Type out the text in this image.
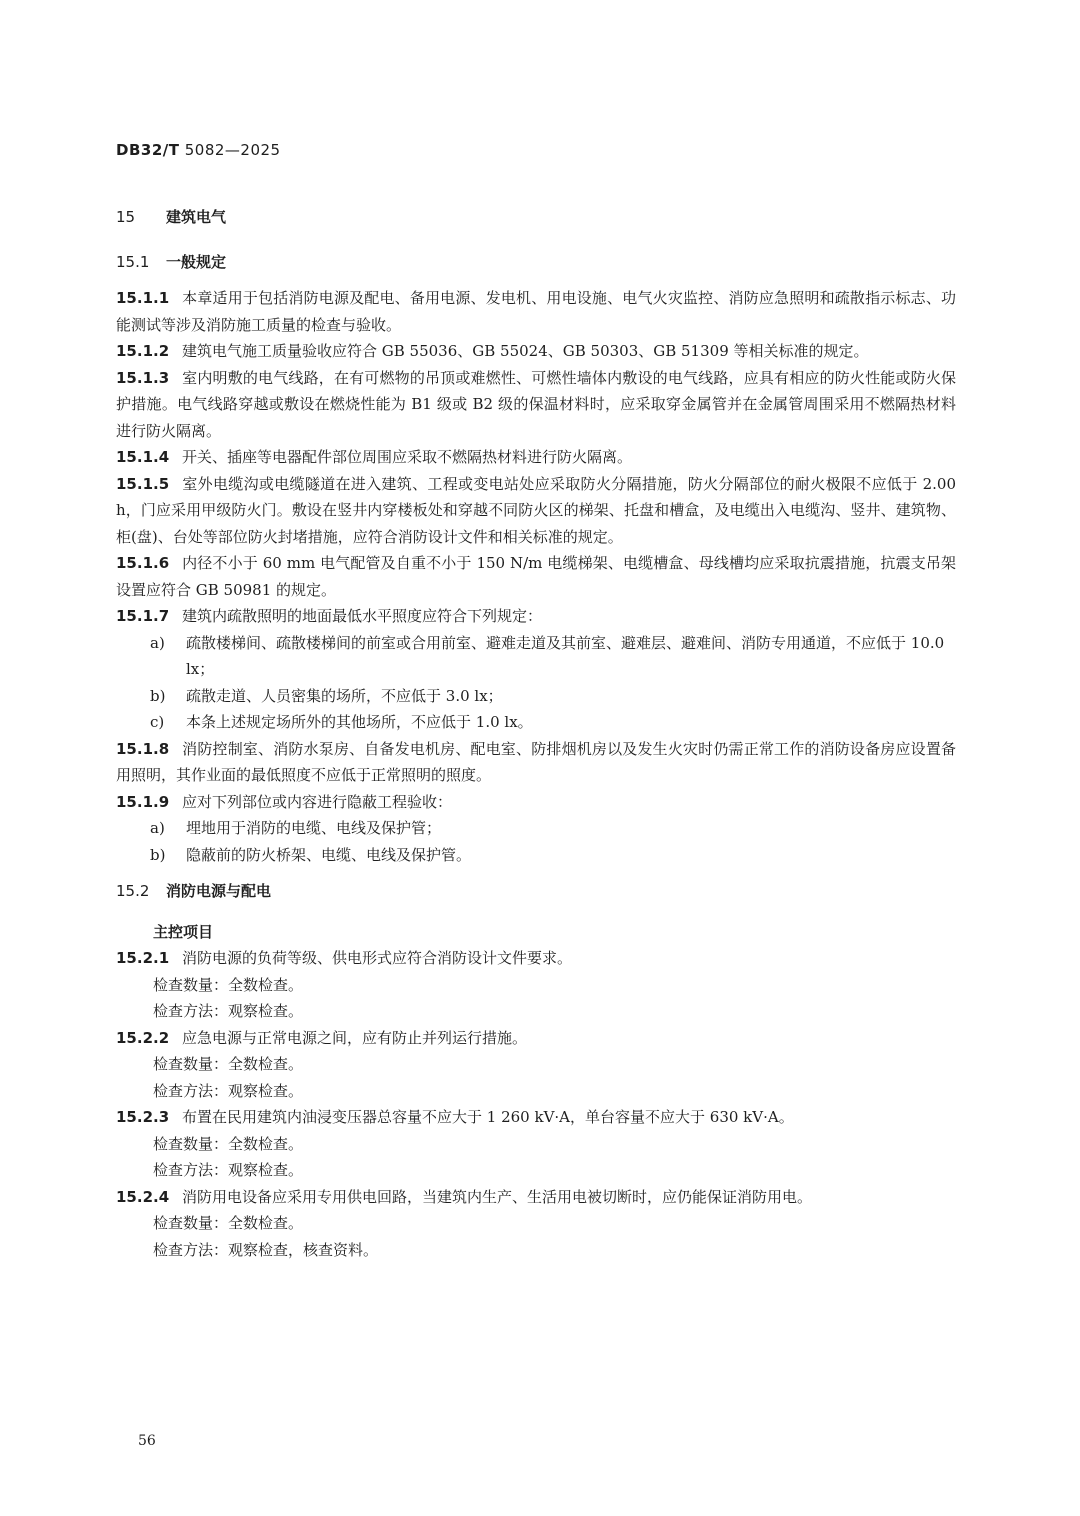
DB32/T 5082—2025
15 建筑电气
15.1 一般规定
15.1.1 本章适用于包括消防电源及配电、备用电源、发电机、用电设施、电气火灾监控、消防应急照明和疏散指示标志、功能测试等涉及消防施工质量的检查与验收。
15.1.2 建筑电气施工质量验收应符合 GB 55036、GB 55024、GB 50303、GB 51309 等相关标准的规定。
15.1.3 室内明敷的电气线路，在有可燃物的吊顶或难燃性、可燃性墙体内敷设的电气线路，应具有相应的防火性能或防火保护措施。电气线路穿越或敷设在燃烧性能为 B1 级或 B2 级的保温材料时，应采取穿金属管并在金属管周围采用不燃隔热材料进行防火隔离。
15.1.4 开关、插座等电器配件部位周围应采取不燃隔热材料进行防火隔离。
15.1.5 室外电缆沟或电缆隧道在进入建筑、工程或变电站处应采取防火分隔措施，防火分隔部位的耐火极限不应低于 2.00 h，门应采用甲级防火门。敷设在竖井内穿楼板处和穿越不同防火区的梯架、托盘和槽盒，及电缆出入电缆沟、竖井、建筑物、柜(盘)、台处等部位防火封堵措施，应符合消防设计文件和相关标准的规定。
15.1.6 内径不小于 60 mm 电气配管及自重不小于 150 N/m 电缆梯架、电缆槽盒、母线槽均应采取抗震措施，抗震支吊架设置应符合 GB 50981 的规定。
15.1.7 建筑内疏散照明的地面最低水平照度应符合下列规定：
a)	疏散楼梯间、疏散楼梯间的前室或合用前室、避难走道及其前室、避难层、避难间、消防专用通道，不应低于 10.0 lx；
b)	疏散走道、人员密集的场所，不应低于 3.0 lx；
c)	本条上述规定场所外的其他场所，不应低于 1.0 lx。
15.1.8 消防控制室、消防水泵房、自备发电机房、配电室、防排烟机房以及发生火灾时仍需正常工作的消防设备房应设置备用照明，其作业面的最低照度不应低于正常照明的照度。
15.1.9 应对下列部位或内容进行隐蔽工程验收：
a)	埋地用于消防的电缆、电线及保护管；
b)	隐蔽前的防火桥架、电缆、电线及保护管。
15.2 消防电源与配电
主控项目
15.2.1 消防电源的负荷等级、供电形式应符合消防设计文件要求。
检查数量：全数检查。
检查方法：观察检查。
15.2.2 应急电源与正常电源之间，应有防止并列运行措施。
检查数量：全数检查。
检查方法：观察检查。
15.2.3 布置在民用建筑内油浸变压器总容量不应大于 1 260 kV·A，单台容量不应大于 630 kV·A。
检查数量：全数检查。
检查方法：观察检查。
15.2.4 消防用电设备应采用专用供电回路，当建筑内生产、生活用电被切断时，应仍能保证消防用电。
检查数量：全数检查。
检查方法：观察检查，核查资料。
56
